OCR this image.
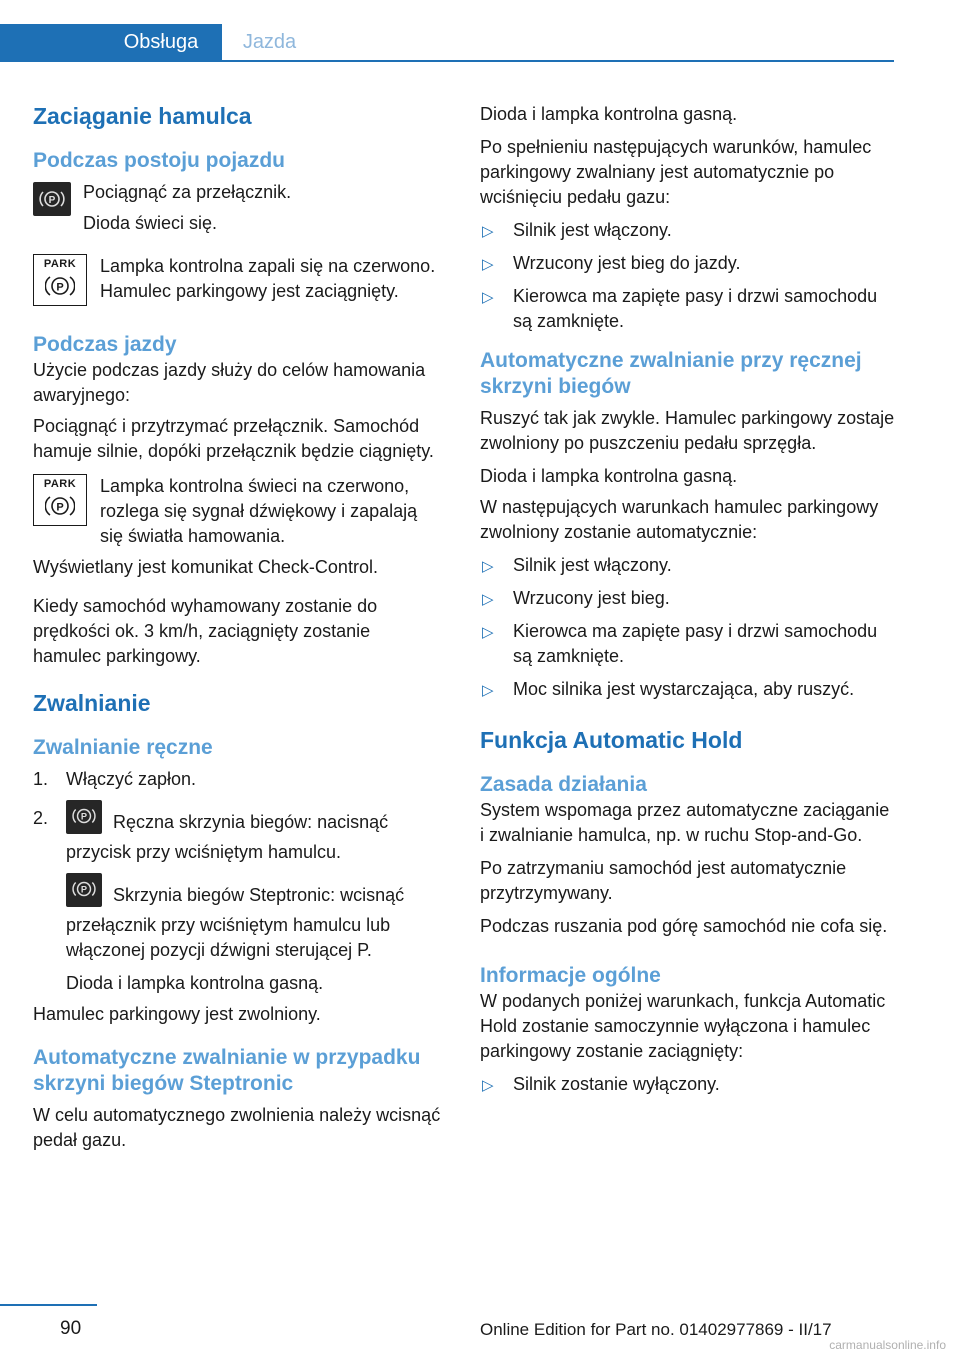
Obsługa	Jazda
Zaciąganie hamulca
Podczas postoju pojazdu
P Pociągnąć za przełącznik.

Dioda świeci się.

PARK
P

Lampka kontrolna zapali się na czerwono. Hamulec parkingowy jest zaciągnięty.

Podczas jazdy

Użycie podczas jazdy służy do celów hamowania awaryjnego:

Pociągnąć i przytrzymać przełącznik. Samochód hamuje silnie, dopóki przełącznik będzie ciągnięty.

PARK
P

Lampka kontrolna świeci na czerwono, rozlega się sygnał dźwiękowy i zapalają się światła hamowania.

Wyświetlany jest komunikat Check-Control.

Kiedy samochód wyhamowany zostanie do prędkości ok. 3 km/h, zaciągnięty zostanie hamulec parkingowy.

Zwalnianie
Zwalnianie ręczne
1. Włączyć zapłon.
2.	P Ręczna skrzynia biegów: nacisnąć przycisk przy wciśniętym hamulcu.
P Skrzynia biegów Steptronic: wcisnąć przełącznik przy wciśniętym hamulcu lub włączonej pozycji dźwigni sterującej P.
Dioda i lampka kontrolna gasną.

Hamulec parkingowy jest zwolniony.

Automatyczne zwalnianie w przypadku skrzyni biegów Steptronic

W celu automatycznego zwolnienia należy wcisnąć pedał gazu.

Dioda i lampka kontrolna gasną.

Po spełnieniu następujących warunków, hamulec parkingowy zwalniany jest automatycznie po wciśnięciu pedału gazu:

▷ Silnik jest włączony.
▷ Wrzucony jest bieg do jazdy.
▷ Kierowca ma zapięte pasy i drzwi samochodu są zamknięte.
Automatyczne zwalnianie przy ręcznej skrzyni biegów

Ruszyć tak jak zwykle. Hamulec parkingowy zostaje zwolniony po puszczeniu pedału sprzęgła.

Dioda i lampka kontrolna gasną.

W następujących warunkach hamulec parkingowy zwolniony zostanie automatycznie:

▷ Silnik jest włączony.
▷ Wrzucony jest bieg.
▷ Kierowca ma zapięte pasy i drzwi samochodu są zamknięte.
▷ Moc silnika jest wystarczająca, aby ruszyć.
Funkcja Automatic Hold
Zasada działania

System wspomaga przez automatyczne zaciąganie i zwalnianie hamulca, np. w ruchu Stop-and-Go.

Po zatrzymaniu samochód jest automatycznie przytrzymywany.

Podczas ruszania pod górę samochód nie cofa się.

Informacje ogólne

W podanych poniżej warunkach, funkcja Automatic Hold zostanie samoczynnie wyłączona i hamulec parkingowy zostanie zaciągnięty:

▷ Silnik zostanie wyłączony.
90	Online Edition for Part no. 01402977869 - II/17
carmanualsonline.info
